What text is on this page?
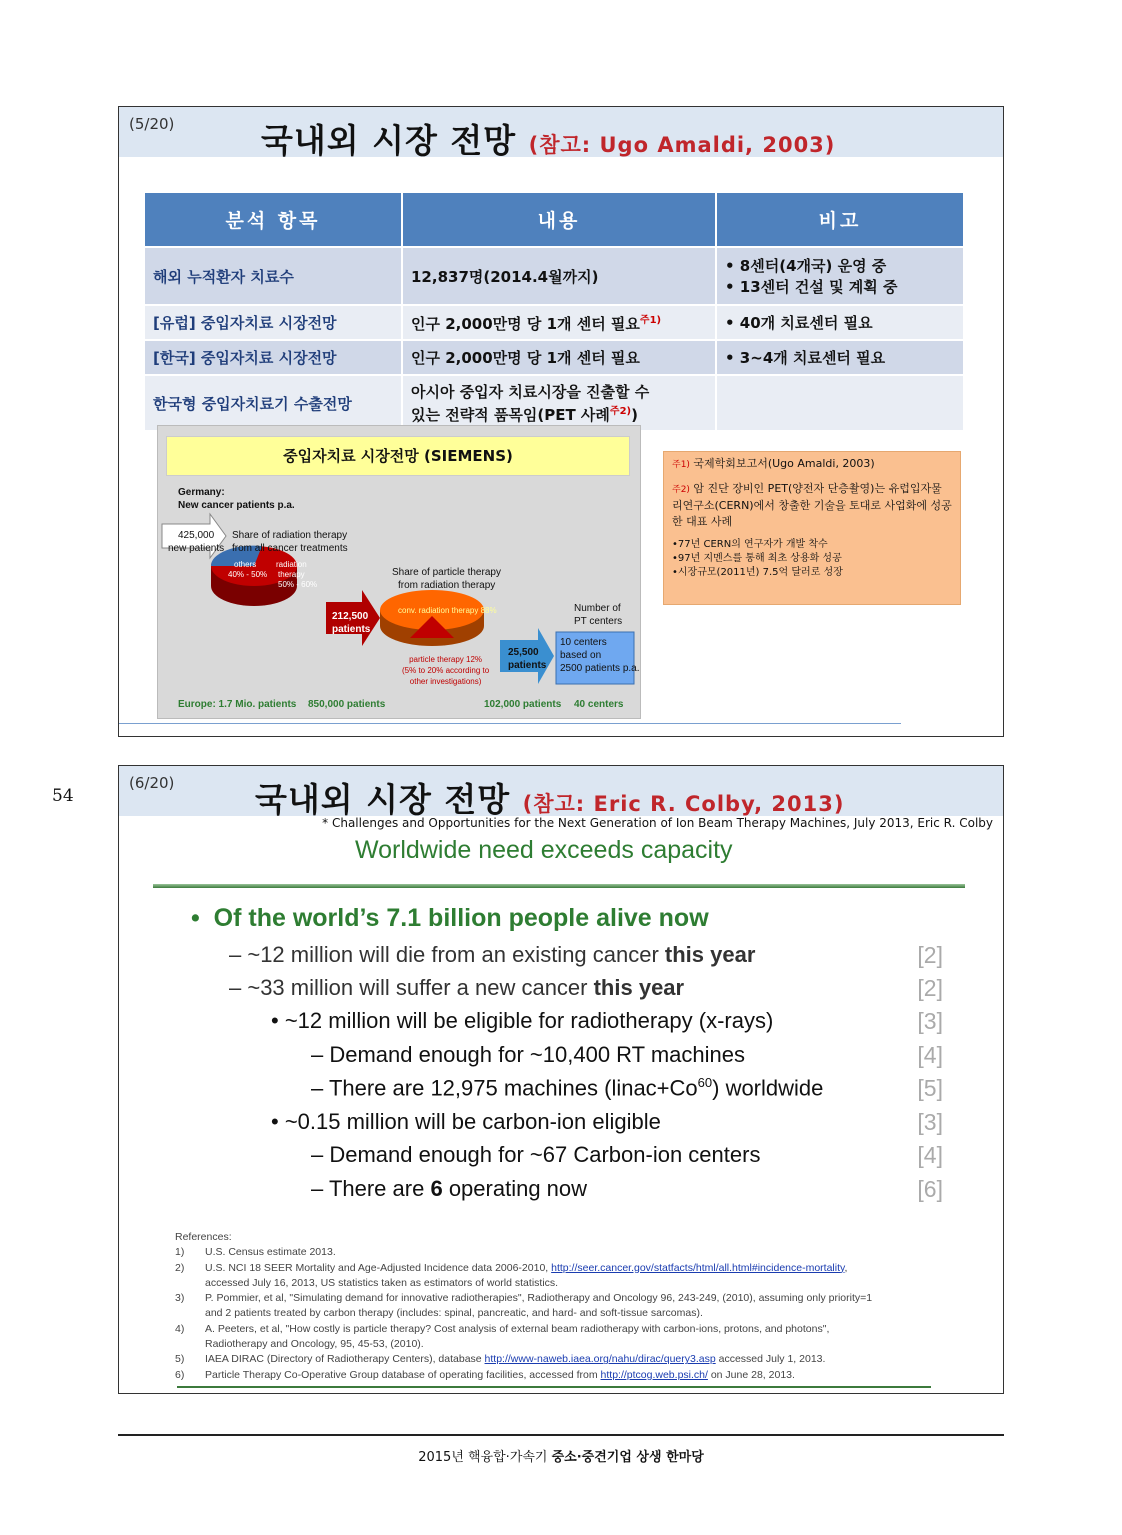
(5/20)	국내외 시장 전망 (참고: Ugo Amaldi, 2003)
분석 항목	내용	비고
해외 누적환자 치료수	12,837명(2014.4월까지)	• 8센터(4개국) 운영 중
• 13센터 건설 및 계획 중

[유럽] 중입자치료 시장전망	인구 2,000만명 당 1개 센터 필요$^{주1)}$	• 40개 치료센터 필요
[한국] 중입자치료 시장전망	인구 2,000만명 당 1개 센터 필요	• 3~4개 치료센터 필요
한국형 중입자치료기 수출전망	아시아 중입자 치료시장을 진출할 수
있는 전략적 품목임(PET 사례$^{주2)}$)	

중입자치료 시장전망 (SIEMENS)
Germany:
New cancer patients p.a.
425,000
new patients
Share of radiation therapy
from all cancer treatments
others
40% - 50%
radiation
therapy
50% - 60%
212,500
patients
Share of particle therapy
from radiation therapy
conv. radiation therapy 88%
particle therapy 12%
(5% to 20% according to
other investigations)
25,500
patients
Number of
PT centers
10 centers
based on
2500 patients p.a.
Europe: 1.7 Mio. patients 850,000 patients	102,000 patients 40 centers

주1) 국제학회보고서(Ugo Amaldi, 2003)

주2) 암 진단 장비인 PET(양전자 단층촬영)는 유럽입자물리연구소(CERN)에서 창출한 기술을 토대로 사업화에 성공한 대표 사례

•77년 CERN의 연구자가 개발 착수
•97년 지멘스를 통해 최초 상용화 성공
•시장규모(2011년) 7.5억 달러로 성장
(6/20) 국내외 시장 전망 (참고: Eric R. Colby, 2013)
* Challenges and Opportunities for the Next Generation of Ion Beam Therapy Machines, July 2013, Eric R. Colby
Worldwide need exceeds capacity
•  Of the world’s 7.1 billion people alive now
– ~12 million will die from an existing cancer this year	[2]
– ~33 million will suffer a new cancer this year	[2]
• ~12 million will be eligible for radiotherapy (x-rays)	[3]
– Demand enough for ~10,400 RT machines	[4]
– There are 12,975 machines $(linac+Co^{60})$ worldwide	[5]
• ~0.15 million will be carbon-ion eligible	[3]
– Demand enough for ~67 Carbon-ion centers	[4]
– There are 6 operating now	[6]
References:
1) U.S. Census estimate 2013.
2) U.S. NCI 18 SEER Mortality and Age-Adjusted Incidence data 2006-2010, http://seer.cancer.gov/statfacts/html/all.html#incidence-mortality,
accessed July 16, 2013, US statistics taken as estimators of world statistics.
3) P. Pommier, et al, "Simulating demand for innovative radiotherapies", Radiotherapy and Oncology 96, 243-249, (2010), assuming only priority=1
and 2 patients treated by carbon therapy (includes: spinal, pancreatic, and hard- and soft-tissue sarcomas).
4) A. Peeters, et al, "How costly is particle therapy? Cost analysis of external beam radiotherapy with carbon-ions, protons, and photons",
Radiotherapy and Oncology, 95, 45-53, (2010).
5) IAEA DIRAC (Directory of Radiotherapy Centers), database http://www-naweb.iaea.org/nahu/dirac/query3.asp accessed July 1, 2013.
6) Particle Therapy Co-Operative Group database of operating facilities, accessed from http://ptcog.web.psi.ch/ on June 28, 2013.
54
2015년 핵융합·가속기 중소·중견기업 상생 한마당
